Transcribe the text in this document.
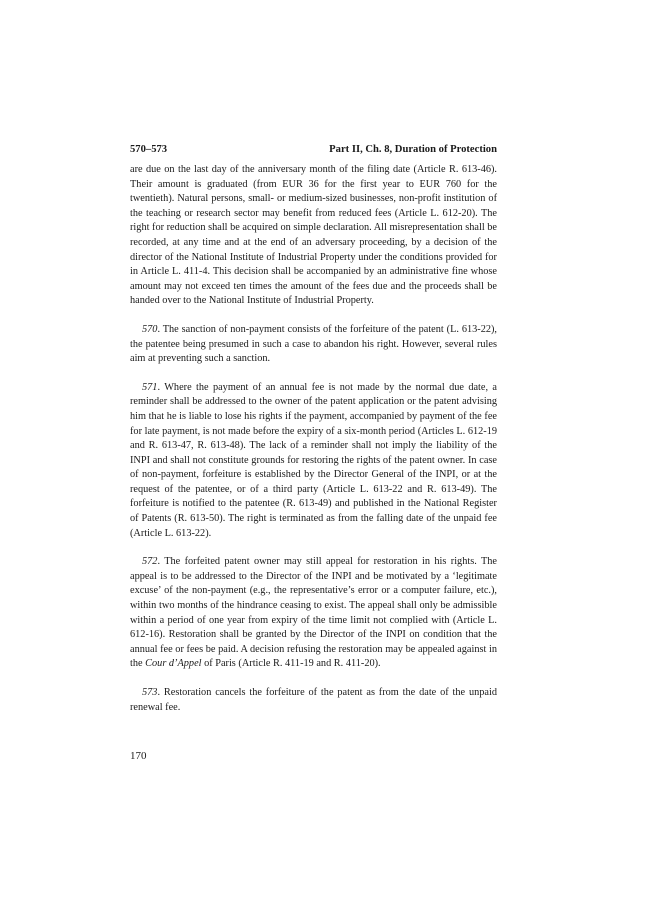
570–573	Part II, Ch. 8, Duration of Protection

are due on the last day of the anniversary month of the filing date (Article R. 613-46). Their amount is graduated (from EUR 36 for the first year to EUR 760 for the twentieth). Natural persons, small- or medium-sized businesses, non-profit institution of the teaching or research sector may benefit from reduced fees (Article L. 612-20). The right for reduction shall be acquired on simple declaration. All misrepresentation shall be recorded, at any time and at the end of an adversary proceeding, by a decision of the director of the National Institute of Industrial Property under the conditions provided for in Article L. 411-4. This decision shall be accompanied by an administrative fine whose amount may not exceed ten times the amount of the fees due and the proceeds shall be handed over to the National Institute of Industrial Property.

570. The sanction of non-payment consists of the forfeiture of the patent (L. 613-22), the patentee being presumed in such a case to abandon his right. However, several rules aim at preventing such a sanction.

571. Where the payment of an annual fee is not made by the normal due date, a reminder shall be addressed to the owner of the patent application or the patent advising him that he is liable to lose his rights if the payment, accompanied by payment of the fee for late payment, is not made before the expiry of a six-month period (Articles L. 612-19 and R. 613-47, R. 613-48). The lack of a reminder shall not imply the liability of the INPI and shall not constitute grounds for restoring the rights of the patent owner. In case of non-payment, forfeiture is established by the Director General of the INPI, or at the request of the patentee, or of a third party (Article L. 613-22 and R. 613-49). The forfeiture is notified to the patentee (R. 613-49) and published in the National Register of Patents (R. 613-50). The right is terminated as from the falling date of the unpaid fee (Article L. 613-22).

572. The forfeited patent owner may still appeal for restoration in his rights. The appeal is to be addressed to the Director of the INPI and be motivated by a ‘legitimate excuse’ of the non-payment (e.g., the representative’s error or a computer failure, etc.), within two months of the hindrance ceasing to exist. The appeal shall only be admissible within a period of one year from expiry of the time limit not complied with (Article L. 612-16). Restoration shall be granted by the Director of the INPI on condition that the annual fee or fees be paid. A decision refusing the restoration may be appealed against in the Cour d’Appel of Paris (Article R. 411-19 and R. 411-20).

573. Restoration cancels the forfeiture of the patent as from the date of the unpaid renewal fee.

170
